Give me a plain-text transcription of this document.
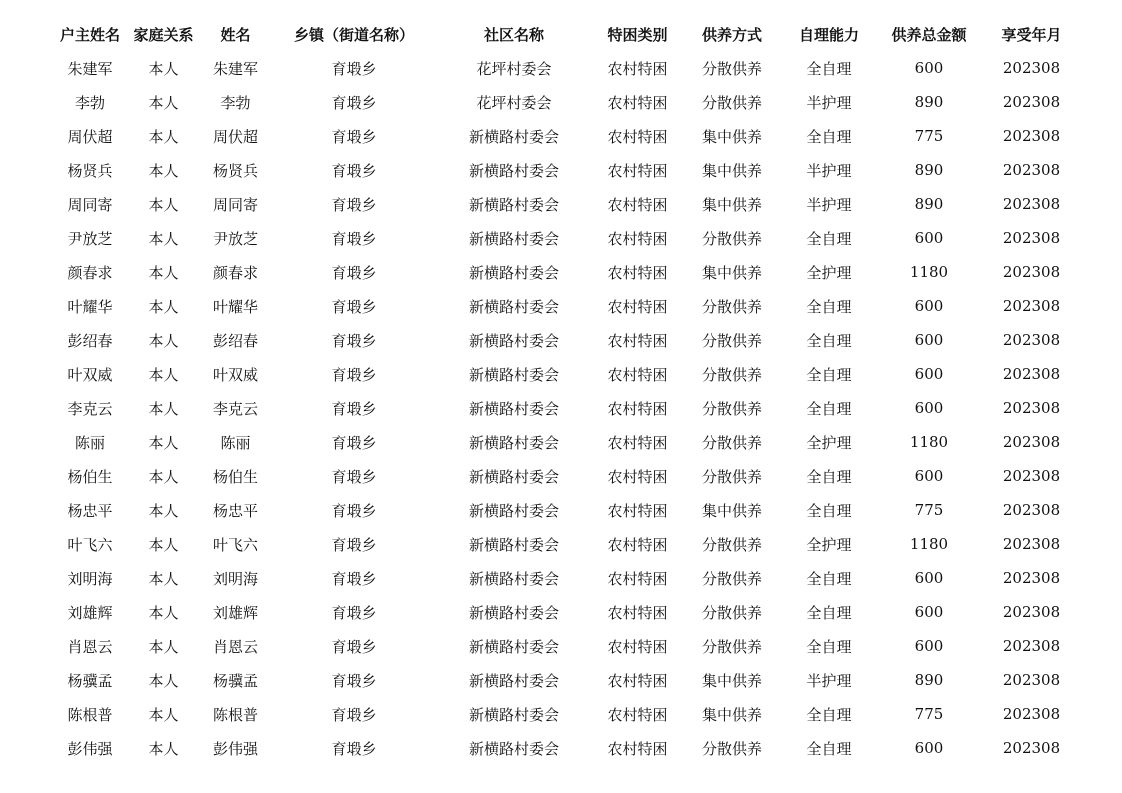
户主姓名	家庭关系	姓名	乡镇（街道名称）	社区名称	特困类别	供养方式	自理能力	供养总金额	享受年月
朱建军	本人	朱建军	育塅乡	花坪村委会	农村特困	分散供养	全自理	600	202308
李勃	本人	李勃	育塅乡	花坪村委会	农村特困	分散供养	半护理	890	202308
周伏超	本人	周伏超	育塅乡	新横路村委会	农村特困	集中供养	全自理	775	202308
杨贤兵	本人	杨贤兵	育塅乡	新横路村委会	农村特困	集中供养	半护理	890	202308
周同寄	本人	周同寄	育塅乡	新横路村委会	农村特困	集中供养	半护理	890	202308
尹放芝	本人	尹放芝	育塅乡	新横路村委会	农村特困	分散供养	全自理	600	202308
颜春求	本人	颜春求	育塅乡	新横路村委会	农村特困	集中供养	全护理	1180	202308
叶耀华	本人	叶耀华	育塅乡	新横路村委会	农村特困	分散供养	全自理	600	202308
彭绍春	本人	彭绍春	育塅乡	新横路村委会	农村特困	分散供养	全自理	600	202308
叶双威	本人	叶双威	育塅乡	新横路村委会	农村特困	分散供养	全自理	600	202308
李克云	本人	李克云	育塅乡	新横路村委会	农村特困	分散供养	全自理	600	202308
陈丽	本人	陈丽	育塅乡	新横路村委会	农村特困	分散供养	全护理	1180	202308
杨伯生	本人	杨伯生	育塅乡	新横路村委会	农村特困	分散供养	全自理	600	202308
杨忠平	本人	杨忠平	育塅乡	新横路村委会	农村特困	集中供养	全自理	775	202308
叶飞六	本人	叶飞六	育塅乡	新横路村委会	农村特困	分散供养	全护理	1180	202308
刘明海	本人	刘明海	育塅乡	新横路村委会	农村特困	分散供养	全自理	600	202308
刘雄辉	本人	刘雄辉	育塅乡	新横路村委会	农村特困	分散供养	全自理	600	202308
肖恩云	本人	肖恩云	育塅乡	新横路村委会	农村特困	分散供养	全自理	600	202308
杨骥孟	本人	杨骥孟	育塅乡	新横路村委会	农村特困	集中供养	半护理	890	202308
陈根普	本人	陈根普	育塅乡	新横路村委会	农村特困	集中供养	全自理	775	202308
彭伟强	本人	彭伟强	育塅乡	新横路村委会	农村特困	分散供养	全自理	600	202308
